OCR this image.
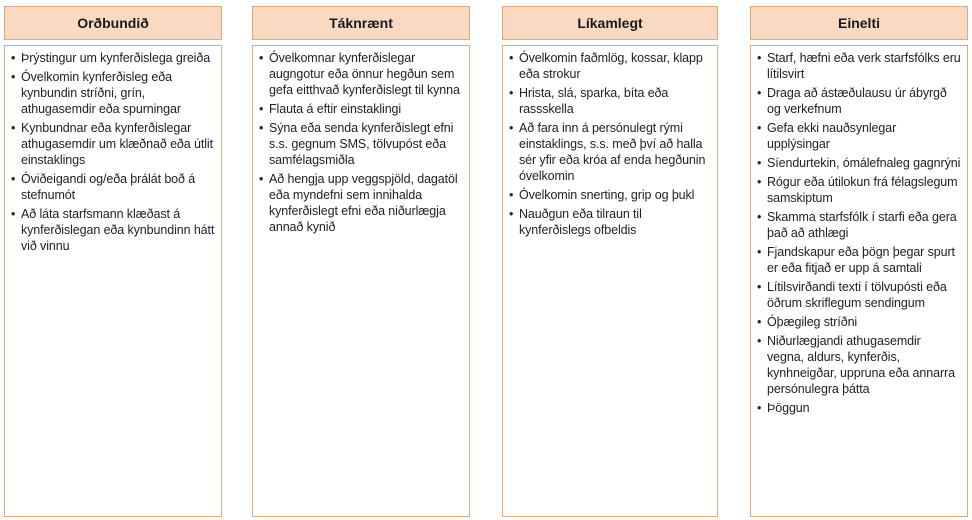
Orðbundið
• Þrýstingur um kynferðislega greiða
• Óvelkomin kynferðisleg eða kynbundin stríðni, grín, athugasemdir eða spurningar
• Kynbundnar eða kynferðislegar athugasemdir um klæðnað eða útlit einstaklings
• Óviðeigandi og/eða þrálát boð á stefnumót
• Að láta starfsmann klæðast á kynferðislegan eða kynbundinn hátt við vinnu
Táknrænt
• Óvelkomnar kynferðislegar augngotur eða önnur hegðun sem gefa eitthvað kynferðislegt til kynna
• Flauta á eftir einstaklingi
• Sýna eða senda kynferðislegt efni s.s. gegnum SMS, tölvupóst eða samfélagsmiðla
• Að hengja upp veggspjöld, dagatöl eða myndefni sem innihalda kynferðislegt efni eða niðurlægja annað kynið
Líkamlegt
• Óvelkomin faðmlög, kossar, klapp eða strokur
• Hrista, slá, sparka, bíta eða rassskella
• Að fara inn á persónulegt rými einstaklings, s.s. með því að halla sér yfir eða króa af enda hegðunin óvelkomin
• Óvelkomin snerting, grip og þukl
• Nauðgun eða tilraun til kynferðislegs ofbeldis
Einelti
• Starf, hæfni eða verk starfsfólks eru lítilsvirt
• Draga að ástæðulausu úr ábyrgð og verkefnum
• Gefa ekki nauðsynlegar upplýsingar
• Síendurtekin, ómálefnaleg gagnrýni
• Rógur eða útilokun frá félagslegum samskiptum
• Skamma starfsfólk í starfi eða gera það að athlægi
• Fjandskapur eða þögn þegar spurt er eða fitjað er upp á samtali
• Lítilsvirðandi texti í tölvupósti eða öðrum skriflegum sendingum
• Óþægileg stríðni
• Niðurlægjandi athugasemdir vegna, aldurs, kynferðis, kynhneigðar, uppruna eða annarra persónulegra þátta
• Þöggun
